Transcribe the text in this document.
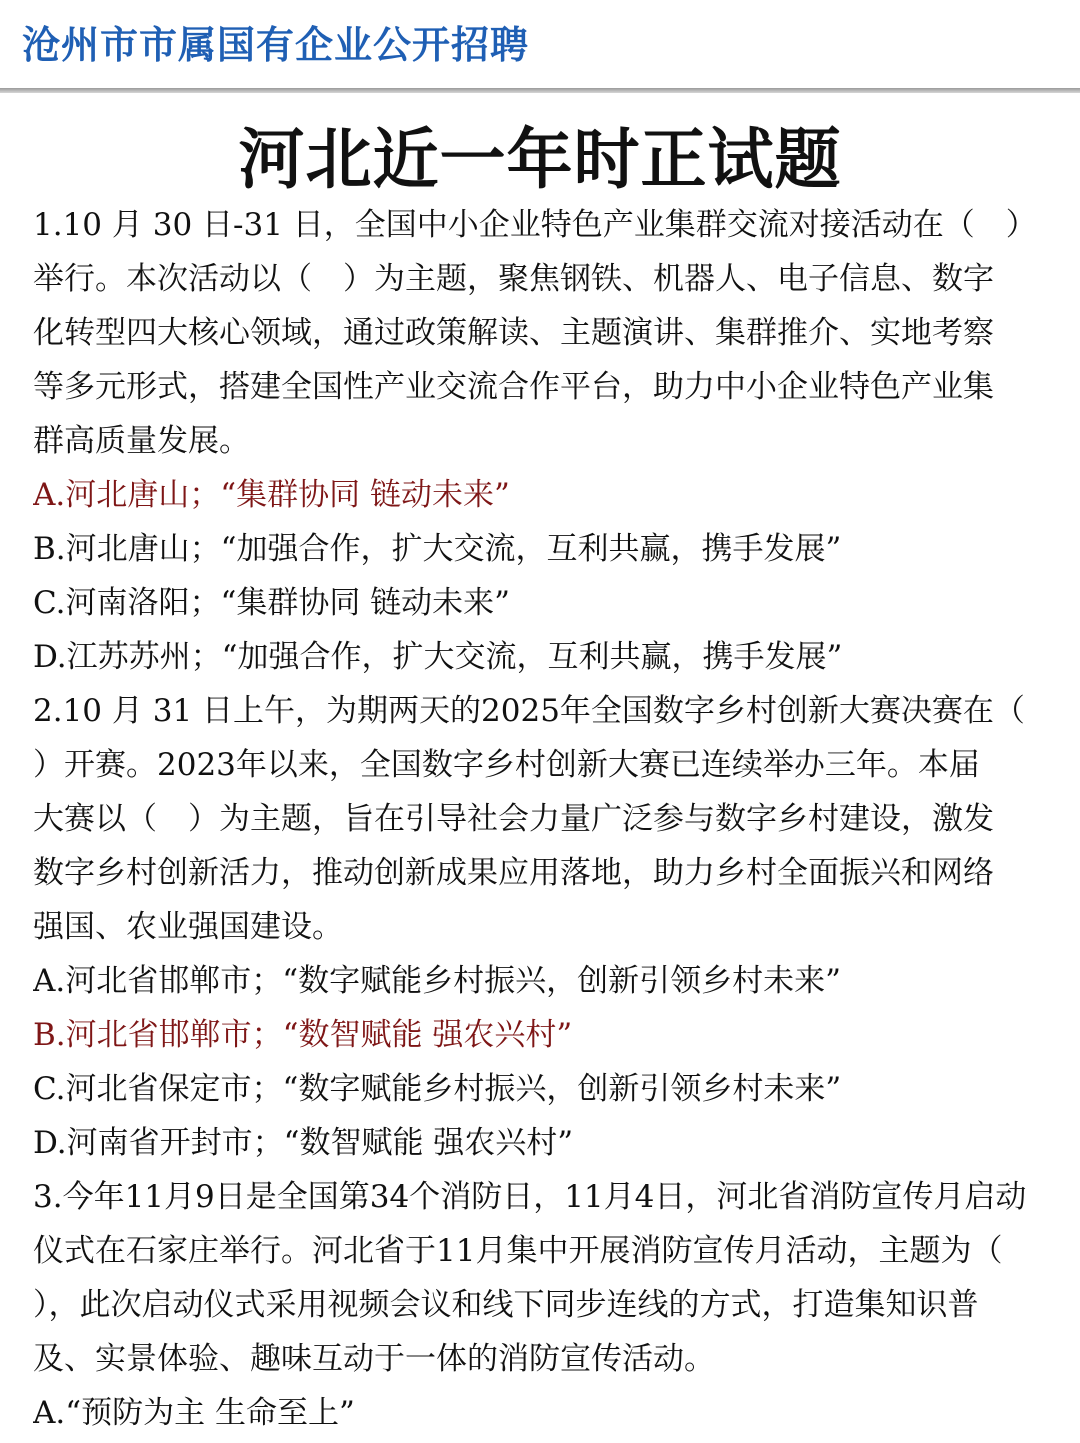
沧州市市属国有企业公开招聘
河北近一年时正试题
1.10 月 30 日-31 日，全国中小企业特色产业集群交流对接活动在（　）
举行。本次活动以（　）为主题，聚焦钢铁、机器人、电子信息、数字
化转型四大核心领域，通过政策解读、主题演讲、集群推介、实地考察
等多元形式，搭建全国性产业交流合作平台，助力中小企业特色产业集
群高质量发展。
A.河北唐山；“集群协同 链动未来”
B.河北唐山；“加强合作，扩大交流，互利共赢，携手发展”
C.河南洛阳；“集群协同 链动未来”
D.江苏苏州；“加强合作，扩大交流，互利共赢，携手发展”
2.10 月 31 日上午，为期两天的2025年全国数字乡村创新大赛决赛在（
）开赛。2023年以来，全国数字乡村创新大赛已连续举办三年。本届
大赛以（　）为主题，旨在引导社会力量广泛参与数字乡村建设，激发
数字乡村创新活力，推动创新成果应用落地，助力乡村全面振兴和网络
强国、农业强国建设。
A.河北省邯郸市；“数字赋能乡村振兴，创新引领乡村未来”
B.河北省邯郸市；“数智赋能 强农兴村”
C.河北省保定市；“数字赋能乡村振兴，创新引领乡村未来”
D.河南省开封市；“数智赋能 强农兴村”
3.今年11月9日是全国第34个消防日，11月4日，河北省消防宣传月启动
仪式在石家庄举行。河北省于11月集中开展消防宣传月活动，主题为（
），此次启动仪式采用视频会议和线下同步连线的方式，打造集知识普
及、实景体验、趣味互动于一体的消防宣传活动。
A.“预防为主 生命至上”
